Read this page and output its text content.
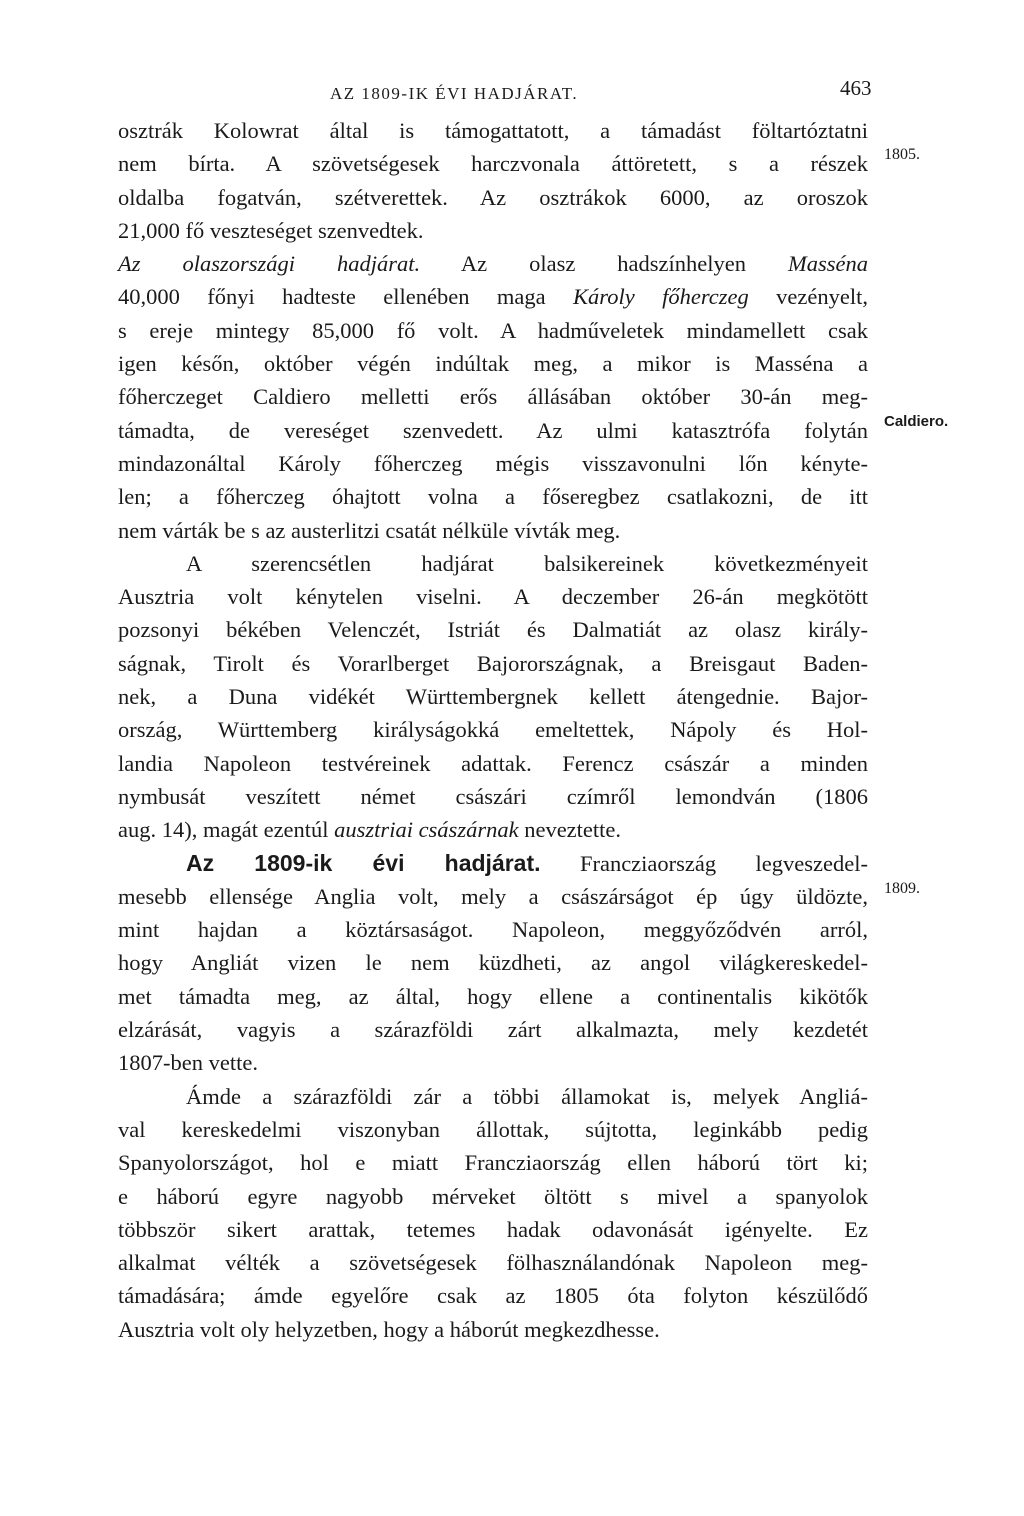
AZ 1809-IK ÉVI HADJÁRAT.	463
1805.
Caldiero.
1809.
osztrák Kolowrat által is támogattatott, a támadást föltartóztatni
nem bírta. A szövetségesek harczvonala áttöretett, s a részek
oldalba fogatván, szétverettek. Az osztrákok 6000, az oroszok
21,000 fő veszteséget szenvedtek.
Az olaszországi hadjárat. Az olasz hadszínhelyen Masséna
40,000 főnyi hadteste ellenében maga Károly főherczeg vezényelt,
s ereje mintegy 85,000 fő volt. A hadműveletek mindamellett csak
igen későn, október végén indúltak meg, a mikor is Masséna a
főherczeget Caldiero melletti erős állásában október 30-án meg-
támadta, de vereséget szenvedett. Az ulmi katasztrófa folytán
mindazonáltal Károly főherczeg mégis visszavonulni lőn kényte-
len; a főherczeg óhajtott volna a főseregbez csatlakozni, de itt
nem várták be s az austerlitzi csatát nélküle vívták meg.
A szerencsétlen hadjárat balsikereinek következményeit
Ausztria volt kénytelen viselni. A deczember 26-án megkötött
pozsonyi békében Velenczét, Istriát és Dalmatiát az olasz király-
ságnak, Tirolt és Vorarlberget Bajorországnak, a Breisgaut Baden-
nek, a Duna vidékét Württembergnek kellett átengednie. Bajor-
ország, Württemberg királyságokká emeltettek, Nápoly és Hol-
landia Napoleon testvéreinek adattak. Ferencz császár a minden
nymbusát veszített német császári czímről lemondván (1806
aug. 14), magát ezentúl ausztriai császárnak neveztette.
Az 1809-ik évi hadjárat. Francziaország legveszedel-
mesebb ellensége Anglia volt, mely a császárságot ép úgy üldözte,
mint hajdan a köztársaságot. Napoleon, meggyőződvén arról,
hogy Angliát vizen le nem küzdheti, az angol világkereskedel-
met támadta meg, az által, hogy ellene a continentalis kikötők
elzárását, vagyis a szárazföldi zárt alkalmazta, mely kezdetét
1807-ben vette.
Ámde a szárazföldi zár a többi államokat is, melyek Angliá-
val kereskedelmi viszonyban állottak, sújtotta, leginkább pedig
Spanyolországot, hol e miatt Francziaország ellen háború tört ki;
e háború egyre nagyobb mérveket öltött s mivel a spanyolok
többször sikert arattak, tetemes hadak odavonását igényelte. Ez
alkalmat vélték a szövetségesek fölhasználandónak Napoleon meg-
támadására; ámde egyelőre csak az 1805 óta folyton készülődő
Ausztria volt oly helyzetben, hogy a háborút megkezdhesse.
